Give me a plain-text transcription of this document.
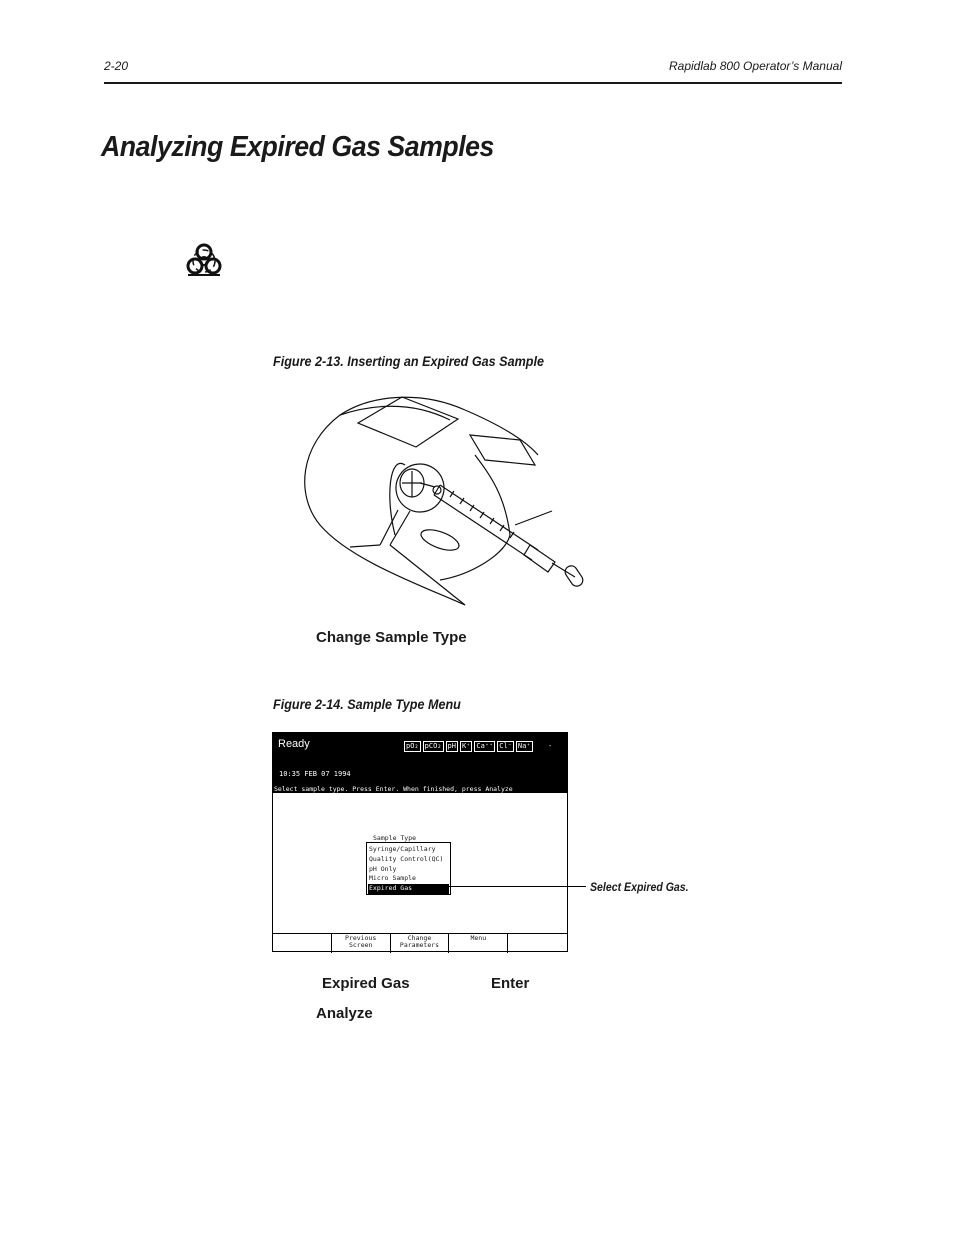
2-20	Rapidlab 800 Operator’s Manual
Analyzing Expired Gas Samples
Figure 2-13. Inserting an Expired Gas Sample
Change Sample Type
Figure 2-14. Sample Type Menu
Ready	pO₂ pCO₂ pH K⁺ Ca⁺⁺ Cl⁻ Na⁺	-
10:35 FEB 07 1994
Select sample type. Press Enter. When finished, press Analyze
Syringe/Capillary
Quality Control(QC)
pH Only
Micro Sample
Expired Gas
Sample Type

Previous
Screen
Change
Parameters
Menu

Select Expired Gas.
Expired Gas	Enter
Analyze
